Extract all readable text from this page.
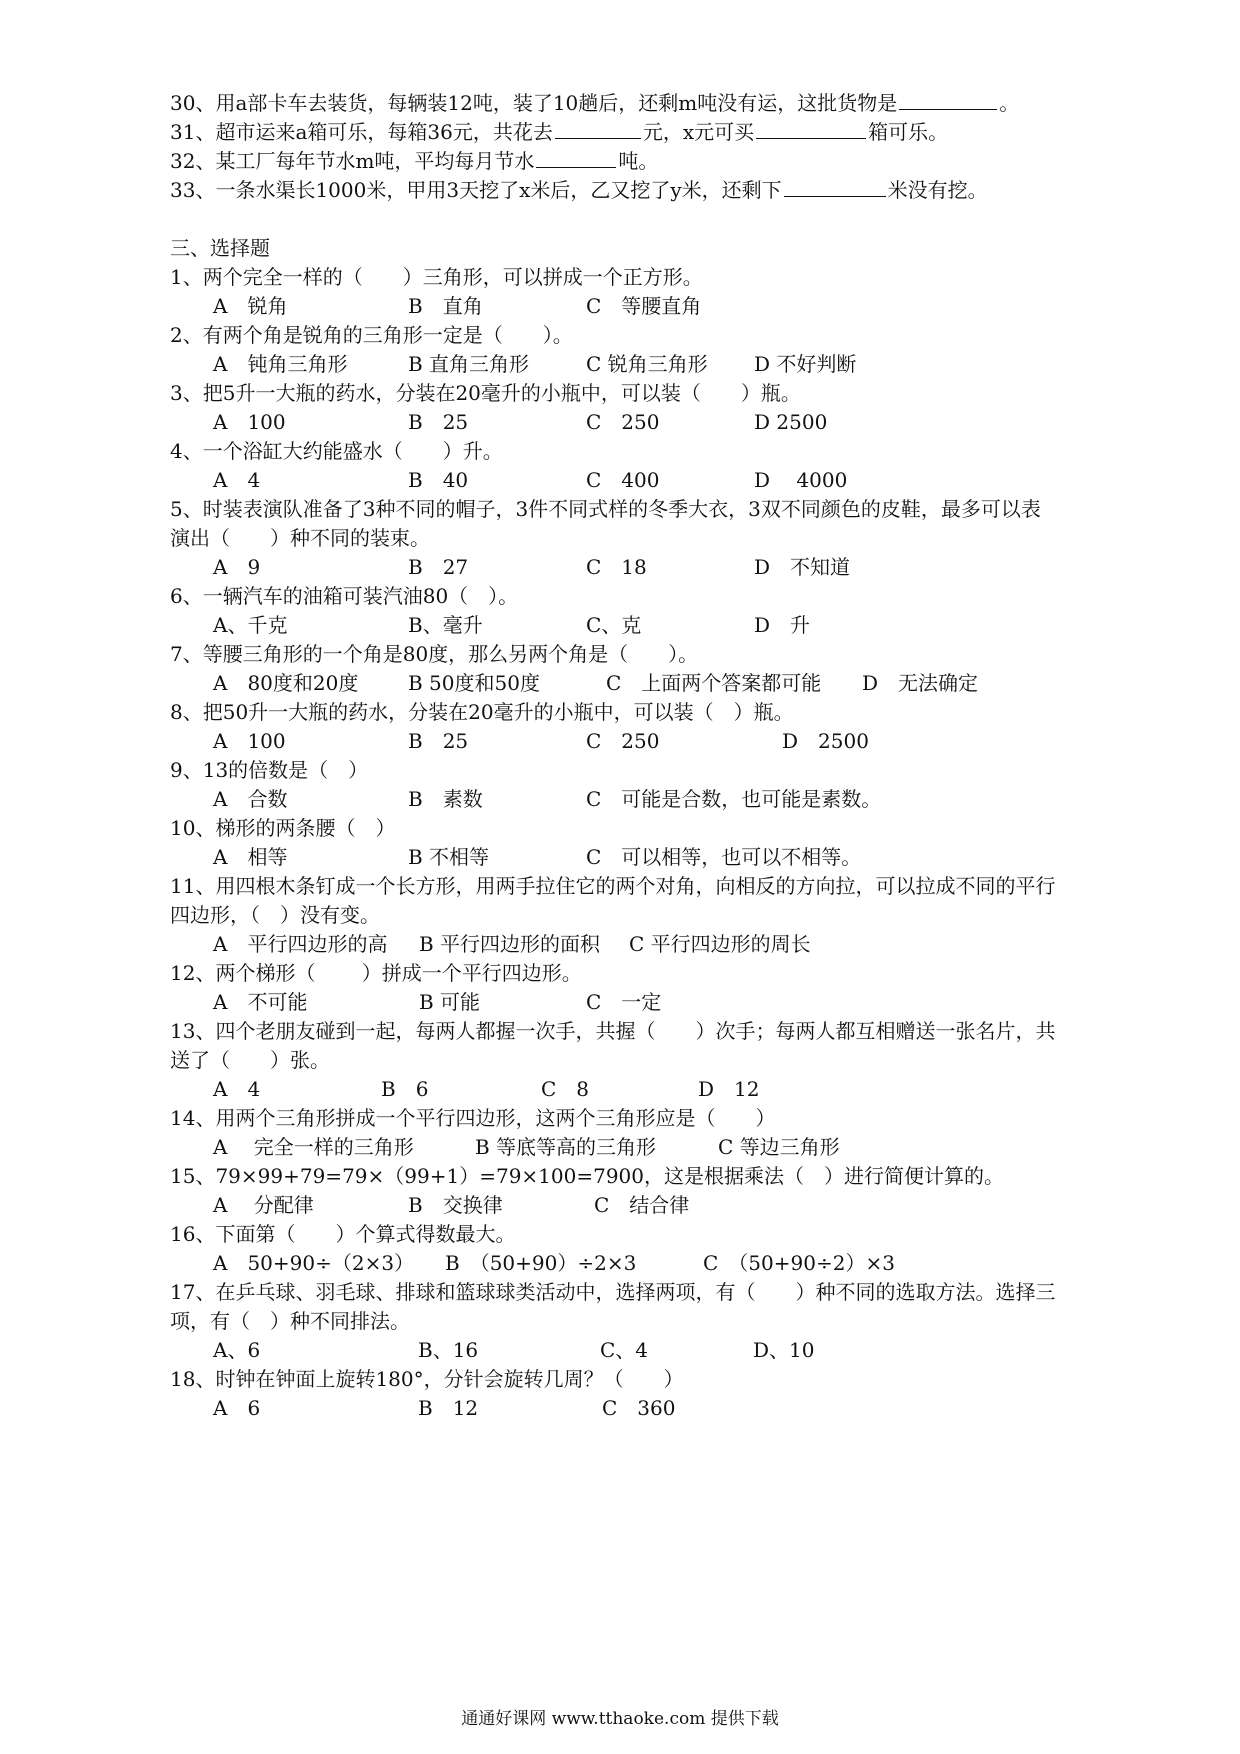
30、用a部卡车去装货，每辆装12吨，装了10趟后，还剩m吨没有运，这批货物是	。
31、超市运来a箱可乐，每箱36元，共花去	元，x元可买	箱可乐。
32、某工厂每年节水m吨，平均每月节水	吨。
33、一条水渠长1000米，甲用3天挖了x米后，乙又挖了y米，还剩下	米没有挖。
三、选择题
1、两个完全一样的（　　）三角形，可以拼成一个正方形。
A　锐角	B　直角	C　等腰直角
2、有两个角是锐角的三角形一定是（　　）。
A　钝角三角形	B 直角三角形	C 锐角三角形 D 不好判断
3、把5升一大瓶的药水，分装在20毫升的小瓶中，可以装（　　）瓶。
A　100	B　25	C　250	D 2500
4、一个浴缸大约能盛水（　　）升。
A　4	B　40	C　400	D　 4000
5、时装表演队准备了3种不同的帽子，3件不同式样的冬季大衣，3双不同颜色的皮鞋，最多可以表
演出（　　）种不同的装束。
A　9	B　27	C　18	D　不知道
6、一辆汽车的油箱可装汽油80（　）。
A、千克	B、毫升	C、克	D　升
7、等腰三角形的一个角是80度，那么另两个角是（　　）。
A　80度和20度 B 50度和50度	C　上面两个答案都可能 D　无法确定
8、把50升一大瓶的药水，分装在20毫升的小瓶中，可以装（　）瓶。
A　100	B　25	C　250	D　2500
9、13的倍数是（　）
A　合数	B　素数	C　可能是合数，也可能是素数。
10、梯形的两条腰（　）
A　相等	B 不相等	C　可以相等，也可以不相等。
11、用四根木条钉成一个长方形，用两手拉住它的两个对角，向相反的方向拉，可以拉成不同的平行
四边形，（　）没有变。
A　平行四边形的高 B 平行四边形的面积 C 平行四边形的周长
12、两个梯形（　　 ）拼成一个平行四边形。
A　不可能	B 可能	C　一定
13、四个老朋友碰到一起，每两人都握一次手，共握（　　）次手；每两人都互相赠送一张名片，共
送了（　　）张。
A　4	B　6	C　8	D　12
14、用两个三角形拼成一个平行四边形，这两个三角形应是（　　）
A　 完全一样的三角形	B 等底等高的三角形	C 等边三角形
15、79×99+79=79×（99+1）=79×100=7900，这是根据乘法（　）进行简便计算的。
A　 分配律	B　交换律	C　结合律
16、下面第（　　）个算式得数最大。
A　50+90÷（2×3） B　（50+90）÷2×3	C　（50+90÷2）×3
17、在乒乓球、羽毛球、排球和篮球球类活动中，选择两项，有（　　）种不同的选取方法。选择三
项，有（　）种不同排法。
A、6	B、16	C、4	D、10
18、时钟在钟面上旋转180°，分针会旋转几周？（　　）
A　6	B　12	C　360
通通好课网 www.tthaoke.com 提供下载
